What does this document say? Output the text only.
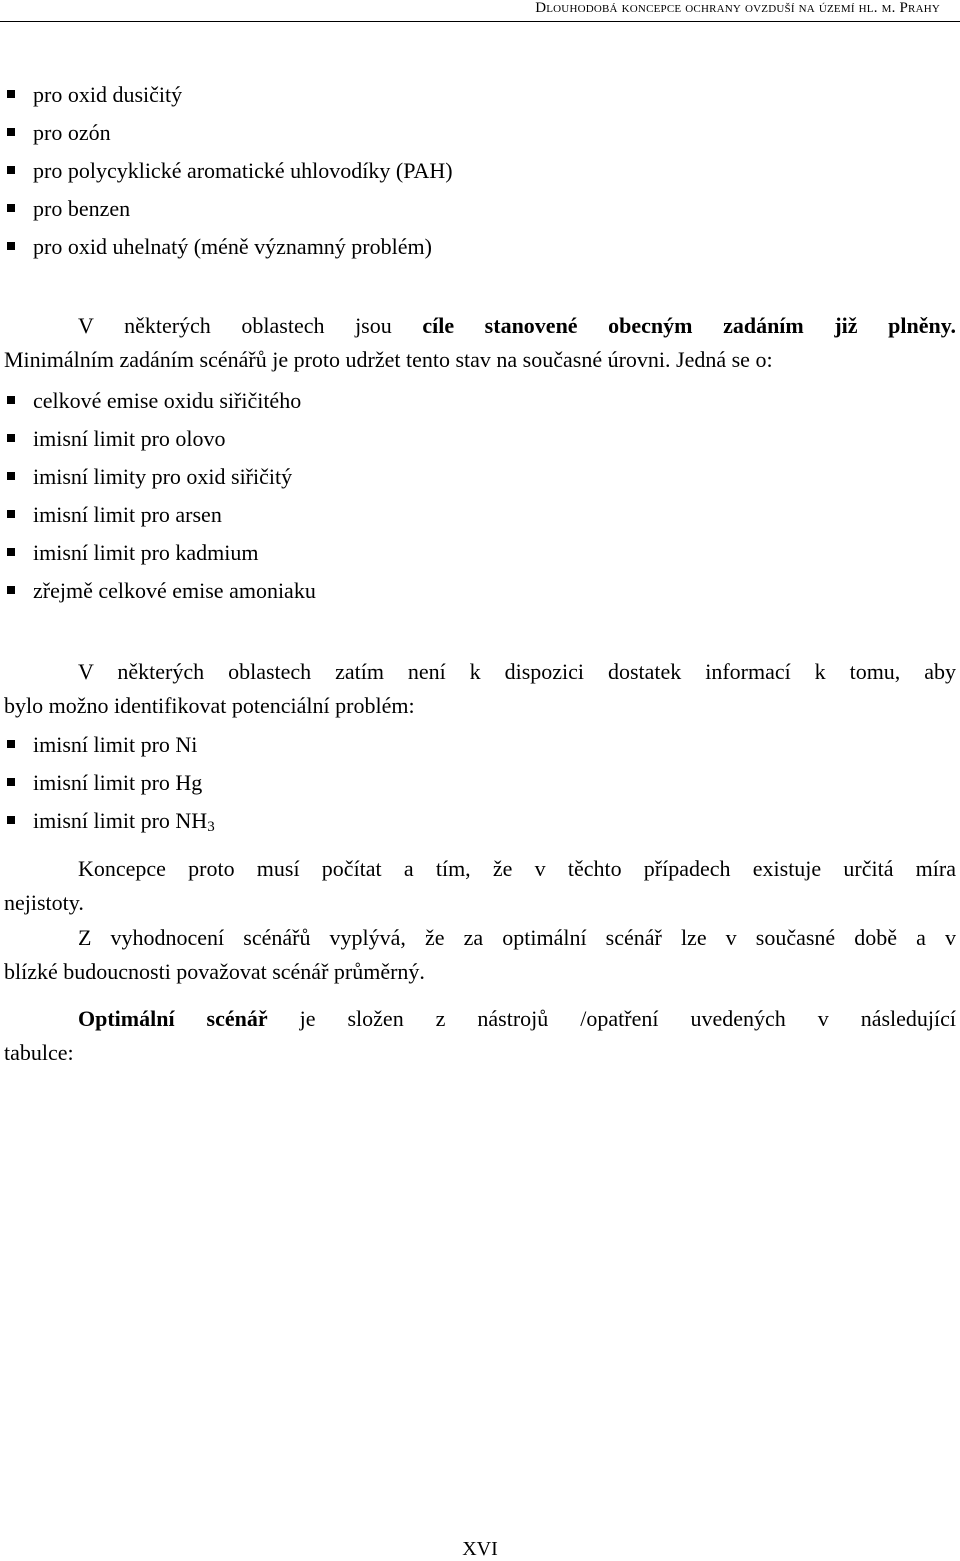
Dlouhodobá koncepce ochrany ovzduší na území hl. m. Prahy
pro oxid dusičitý
pro ozón
pro polycyklické aromatické uhlovodíky (PAH)
pro benzen
pro oxid uhelnatý (méně významný problém)
V některých oblastech jsou cíle stanovené obecným zadáním již plněny.
Minimálním zadáním scénářů je proto udržet tento stav na současné úrovni. Jedná se o:
celkové emise oxidu siřičitého
imisní limit pro olovo
imisní limity pro oxid siřičitý
imisní limit pro arsen
imisní limit pro kadmium
zřejmě celkové emise amoniaku
V některých oblastech zatím není k dispozici dostatek informací k tomu, aby
bylo možno identifikovat potenciální problém:
imisní limit pro Ni
imisní limit pro Hg
imisní limit pro $NH_3$
Koncepce proto musí počítat a tím, že v těchto případech existuje určitá míra
nejistoty.
Z vyhodnocení scénářů vyplývá, že za optimální scénář lze v současné době a v
blízké budoucnosti považovat scénář průměrný.
Optimální scénář je složen z nástrojů /opatření uvedených v následující
tabulce:
XVI
